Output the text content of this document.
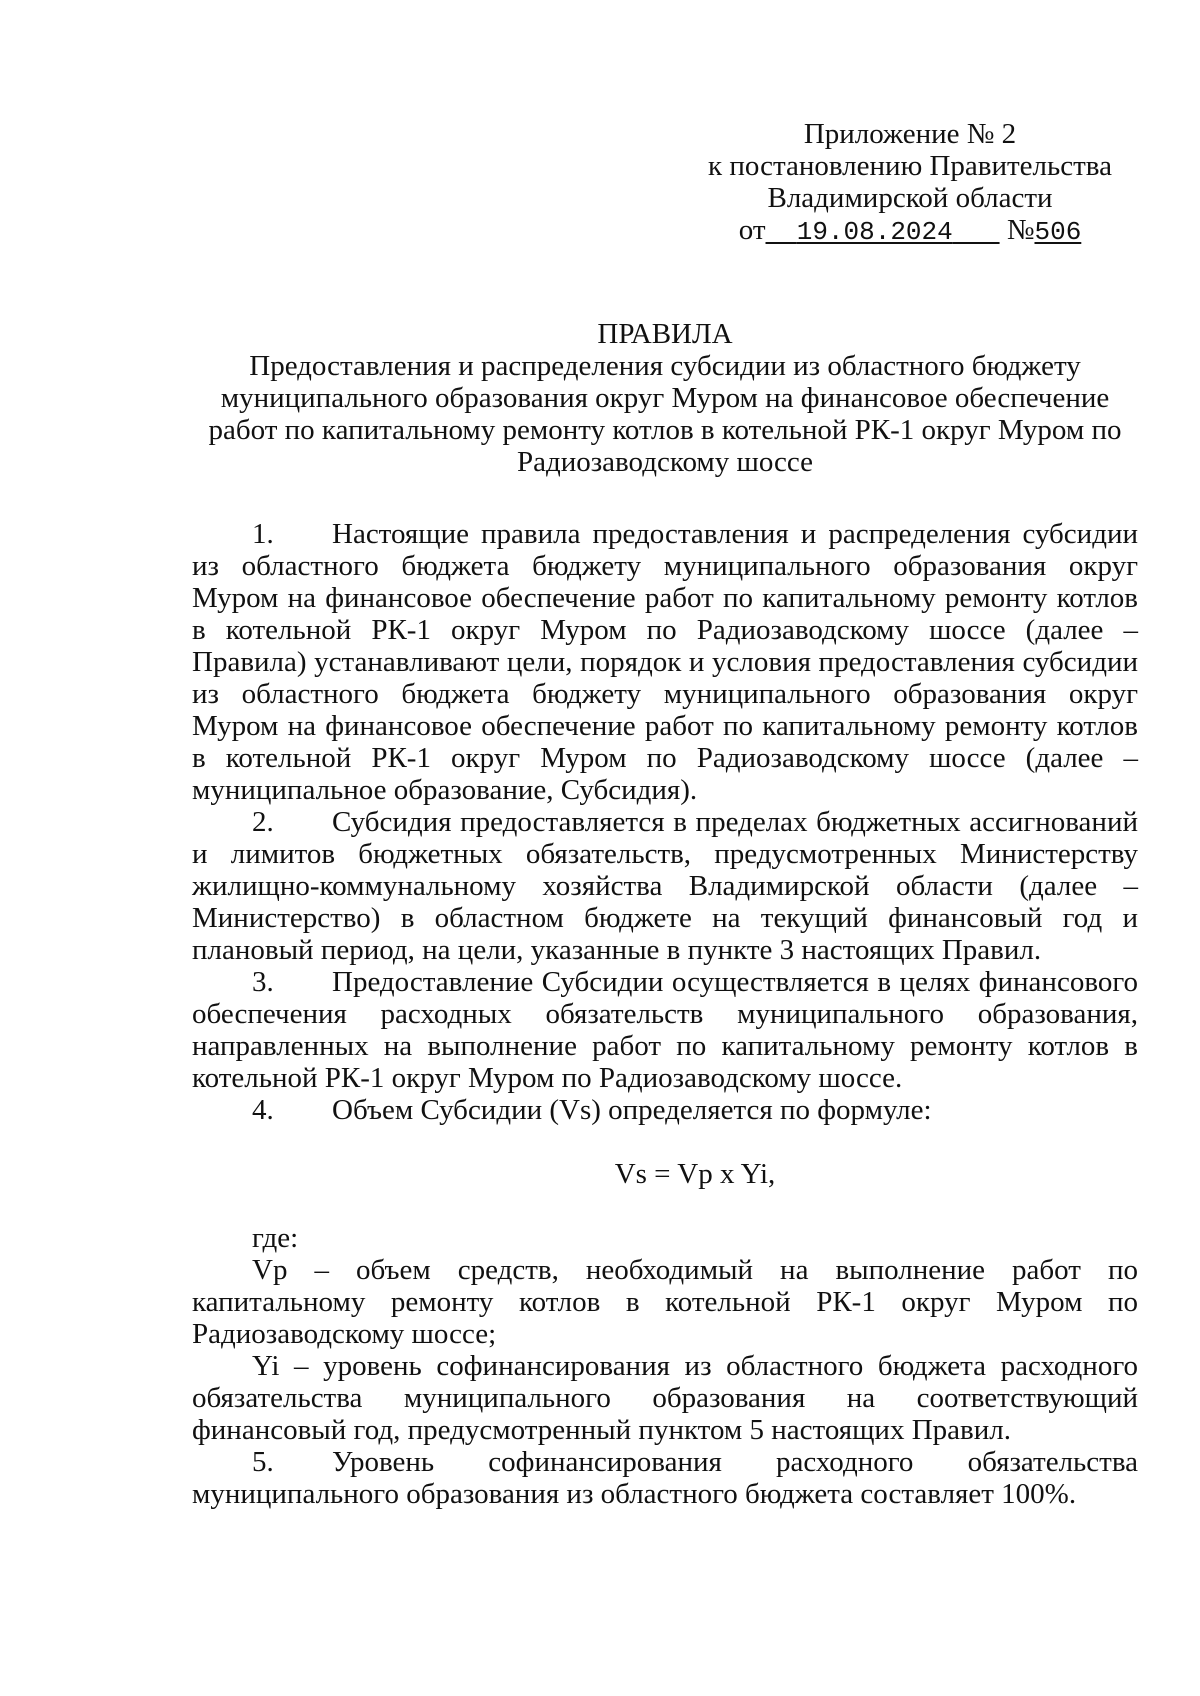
Приложение № 2
к постановлению Правительства
Владимирской области
от 19.08.2024 №506
ПРАВИЛА
Предоставления и распределения субсидии из областного бюджету муниципального образования округ Муром на финансовое обеспечение работ по капитальному ремонту котлов в котельной РК-1 округ Муром по Радиозаводскому шоссе

1. Настоящие правила предоставления и распределения субсидии из областного бюджета бюджету муниципального образования округ Муром на финансовое обеспечение работ по капитальному ремонту котлов в котельной РК-1 округ Муром по Радиозаводскому шоссе (далее – Правила) устанавливают цели, порядок и условия предоставления субсидии из областного бюджета бюджету муниципального образования округ Муром на финансовое обеспечение работ по капитальному ремонту котлов в котельной РК-1 округ Муром по Радиозаводскому шоссе (далее – муниципальное образование, Субсидия).

2. Субсидия предоставляется в пределах бюджетных ассигнований и лимитов бюджетных обязательств, предусмотренных Министерству жилищно-коммунальному хозяйства Владимирской области (далее – Министерство) в областном бюджете на текущий финансовый год и плановый период, на цели, указанные в пункте 3 настоящих Правил.

3. Предоставление Субсидии осуществляется в целях финансового обеспечения расходных обязательств муниципального образования, направленных на выполнение работ по капитальному ремонту котлов в котельной РК-1 округ Муром по Радиозаводскому шоссе.

4. Объем Субсидии (Vs) определяется по формуле:

Vs = Vp x Yi,

где:

Vp – объем средств, необходимый на выполнение работ по капитальному ремонту котлов в котельной РК-1 округ Муром по Радиозаводскому шоссе;

Yi – уровень софинансирования из областного бюджета расходного обязательства муниципального образования на соответствующий финансовый год, предусмотренный пунктом 5 настоящих Правил.

5. Уровень софинансирования расходного обязательства муниципального образования из областного бюджета составляет 100%.
